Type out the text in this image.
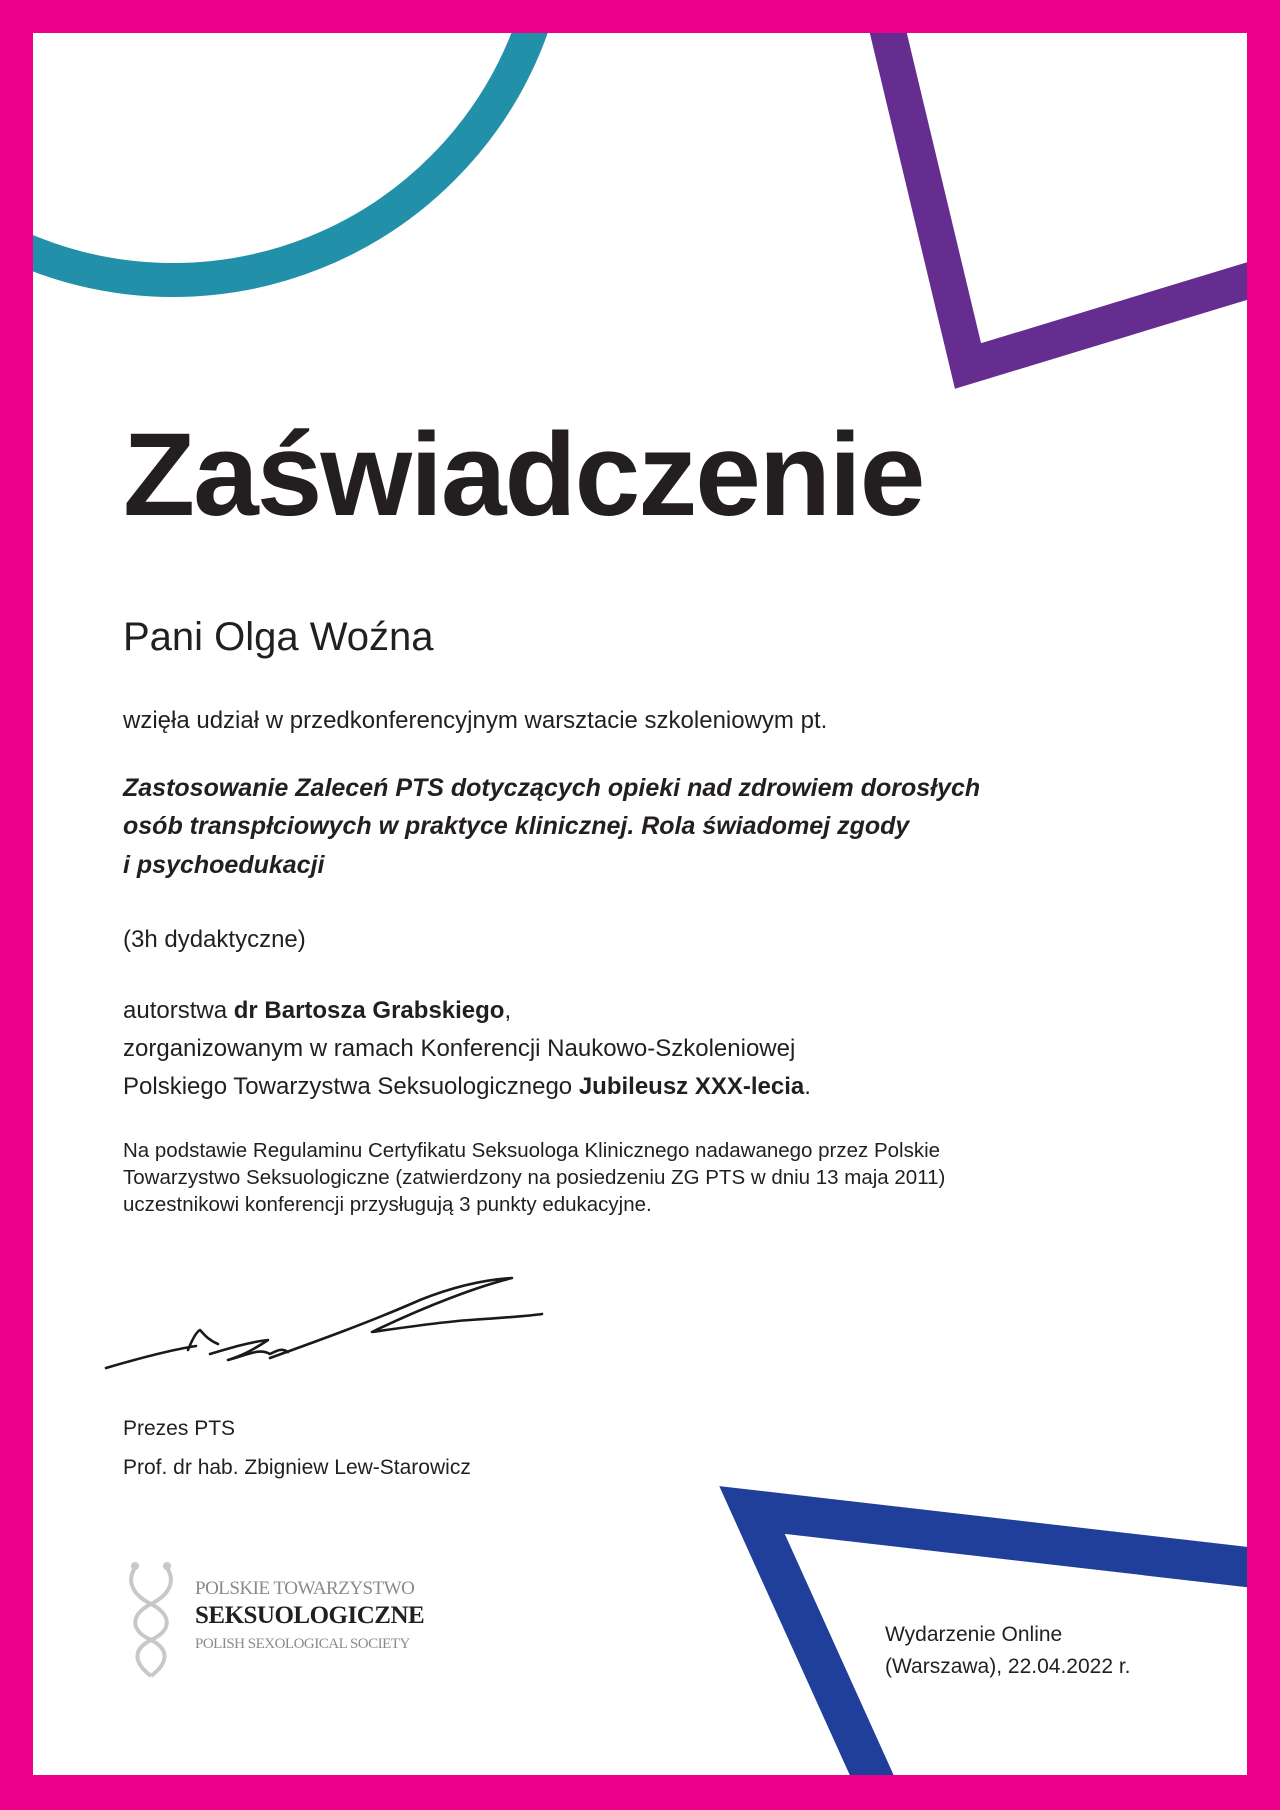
Zaświadczenie
Pani Olga Woźna
wzięła udział w przedkonferencyjnym warsztacie szkoleniowym pt.
Zastosowanie Zaleceń PTS dotyczących opieki nad zdrowiem dorosłych
osób transpłciowych w praktyce klinicznej. Rola świadomej zgody
i psychoedukacji
(3h dydaktyczne)
autorstwa dr Bartosza Grabskiego,
zorganizowanym w ramach Konferencji Naukowo-Szkoleniowej
Polskiego Towarzystwa Seksuologicznego Jubileusz XXX-lecia.
Na podstawie Regulaminu Certyfikatu Seksuologa Klinicznego nadawanego przez Polskie
Towarzystwo Seksuologiczne (zatwierdzony na posiedzeniu ZG PTS w dniu 13 maja 2011)
uczestnikowi konferencji przysługują 3 punkty edukacyjne.
Prezes PTS
Prof. dr hab. Zbigniew Lew-Starowicz
POLSKIE TOWARZYSTWO
SEKSUOLOGICZNE
POLISH SEXOLOGICAL SOCIETY	Wydarzenie Online
(Warszawa), 22.04.2022 r.
